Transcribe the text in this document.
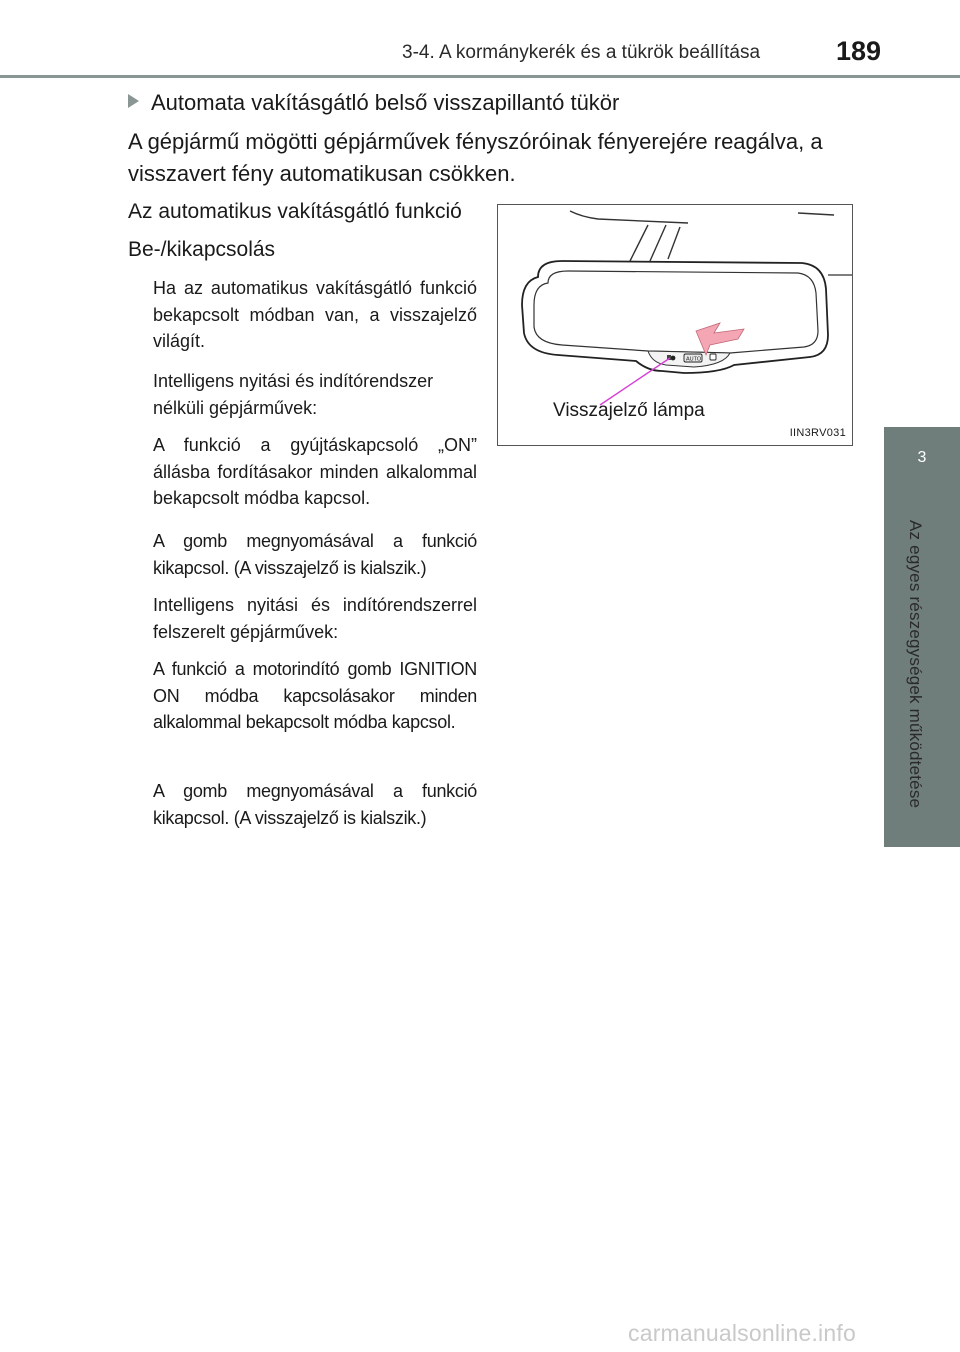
3-4. A kormánykerék és a tükrök beállítása	189
3
Az egyes részegységek működtetése
Automata vakításgátló belső visszapillantó tükör
A gépjármű mögötti gépjárművek fényszóróinak fényerejére reagálva, a visszavert fény automatikusan csökken.
Az automatikus vakításgátló funkció
Be-/kikapcsolás
Ha az automatikus vakításgátló funkció bekapcsolt módban van, a visszajelző világít.
Intelligens nyitási és indítórendszer nélküli gépjárművek:
A funkció a gyújtáskapcsoló „ON” állásba fordításakor minden alkalommal bekapcsolt módba kapcsol.
A gomb megnyomásával a funkció kikapcsol. (A visszajelző is kialszik.)
Intelligens nyitási és indítórendszerrel felszerelt gépjárművek:
A funkció a motorindító gomb IGNITION ON módba kapcsolásakor minden alkalommal bekapcsolt módba kapcsol.
A gomb megnyomásával a funkció kikapcsol. (A visszajelző is kialszik.)
AUTO
Visszajelző lámpa
IIN3RV031
carmanualsonline.info
